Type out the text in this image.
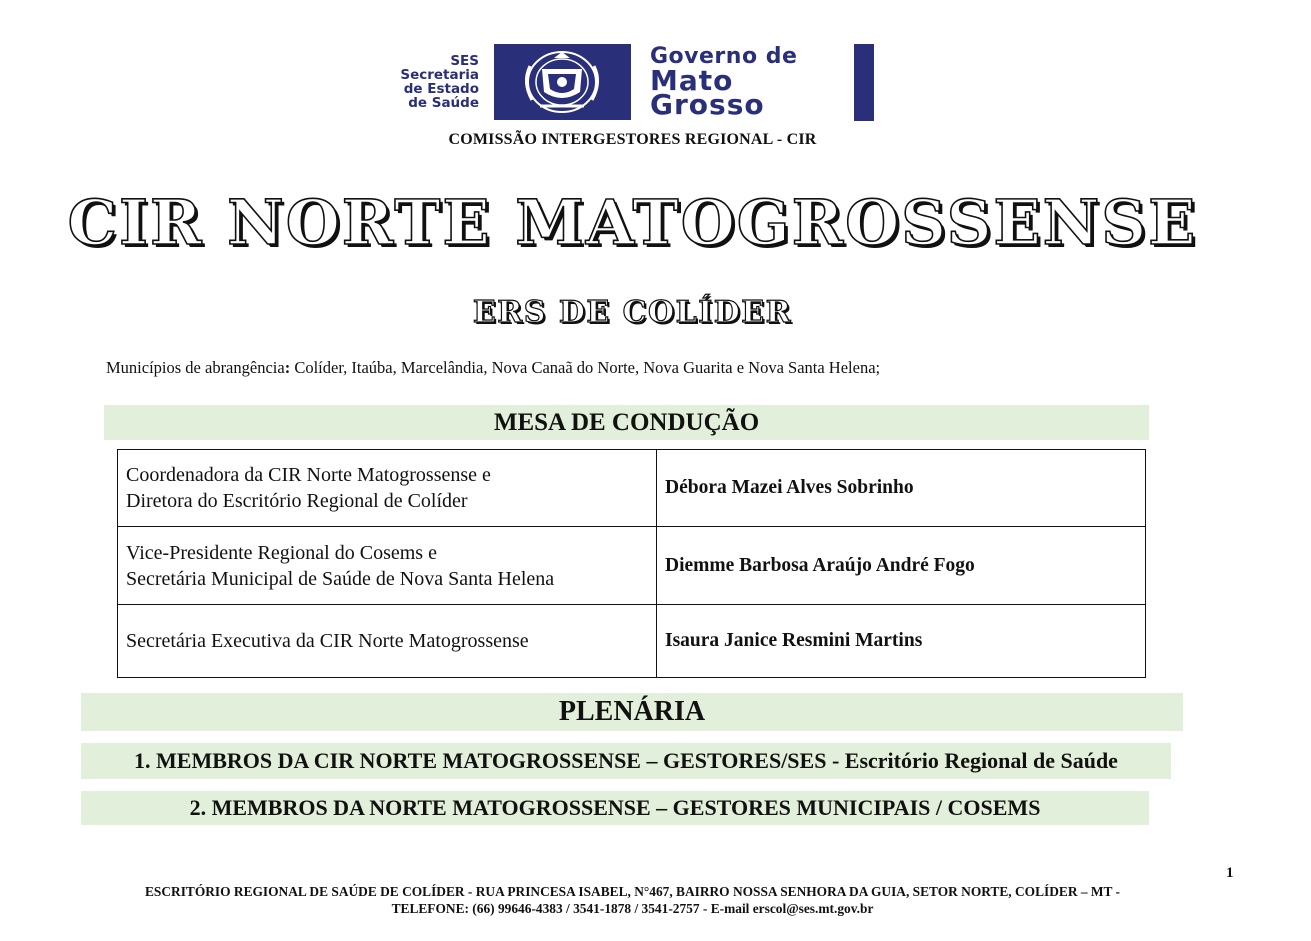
SES
Secretaria
de Estado
de Saúde
Governo de
Mato
Grosso
COMISSÃO INTERGESTORES REGIONAL - CIR
CIR NORTE MATOGROSSENSE
ERS DE COLÍDER
Municípios de abrangência: Colíder, Itaúba, Marcelândia, Nova Canaã do Norte, Nova Guarita e Nova Santa Helena;
MESA DE CONDUÇÃO
Coordenadora da CIR Norte Matogrossense e
Diretora do Escritório Regional de Colíder	Débora Mazei Alves Sobrinho

Vice-Presidente Regional do Cosems e
Secretária Municipal de Saúde de Nova Santa Helena	Diemme Barbosa Araújo André Fogo

Secretária Executiva da CIR Norte Matogrossense	Isaura Janice Resmini Martins
PLENÁRIA
1. MEMBROS DA CIR NORTE MATOGROSSENSE – GESTORES/SES - Escritório Regional de Saúde
2. MEMBROS DA NORTE MATOGROSSENSE – GESTORES MUNICIPAIS / COSEMS
1
ESCRITÓRIO REGIONAL DE SAÚDE DE COLÍDER - RUA PRINCESA ISABEL, N°467, BAIRRO NOSSA SENHORA DA GUIA, SETOR NORTE, COLÍDER – MT -
TELEFONE: (66) 99646-4383 / 3541-1878 / 3541-2757 - E-mail erscol@ses.mt.gov.br
